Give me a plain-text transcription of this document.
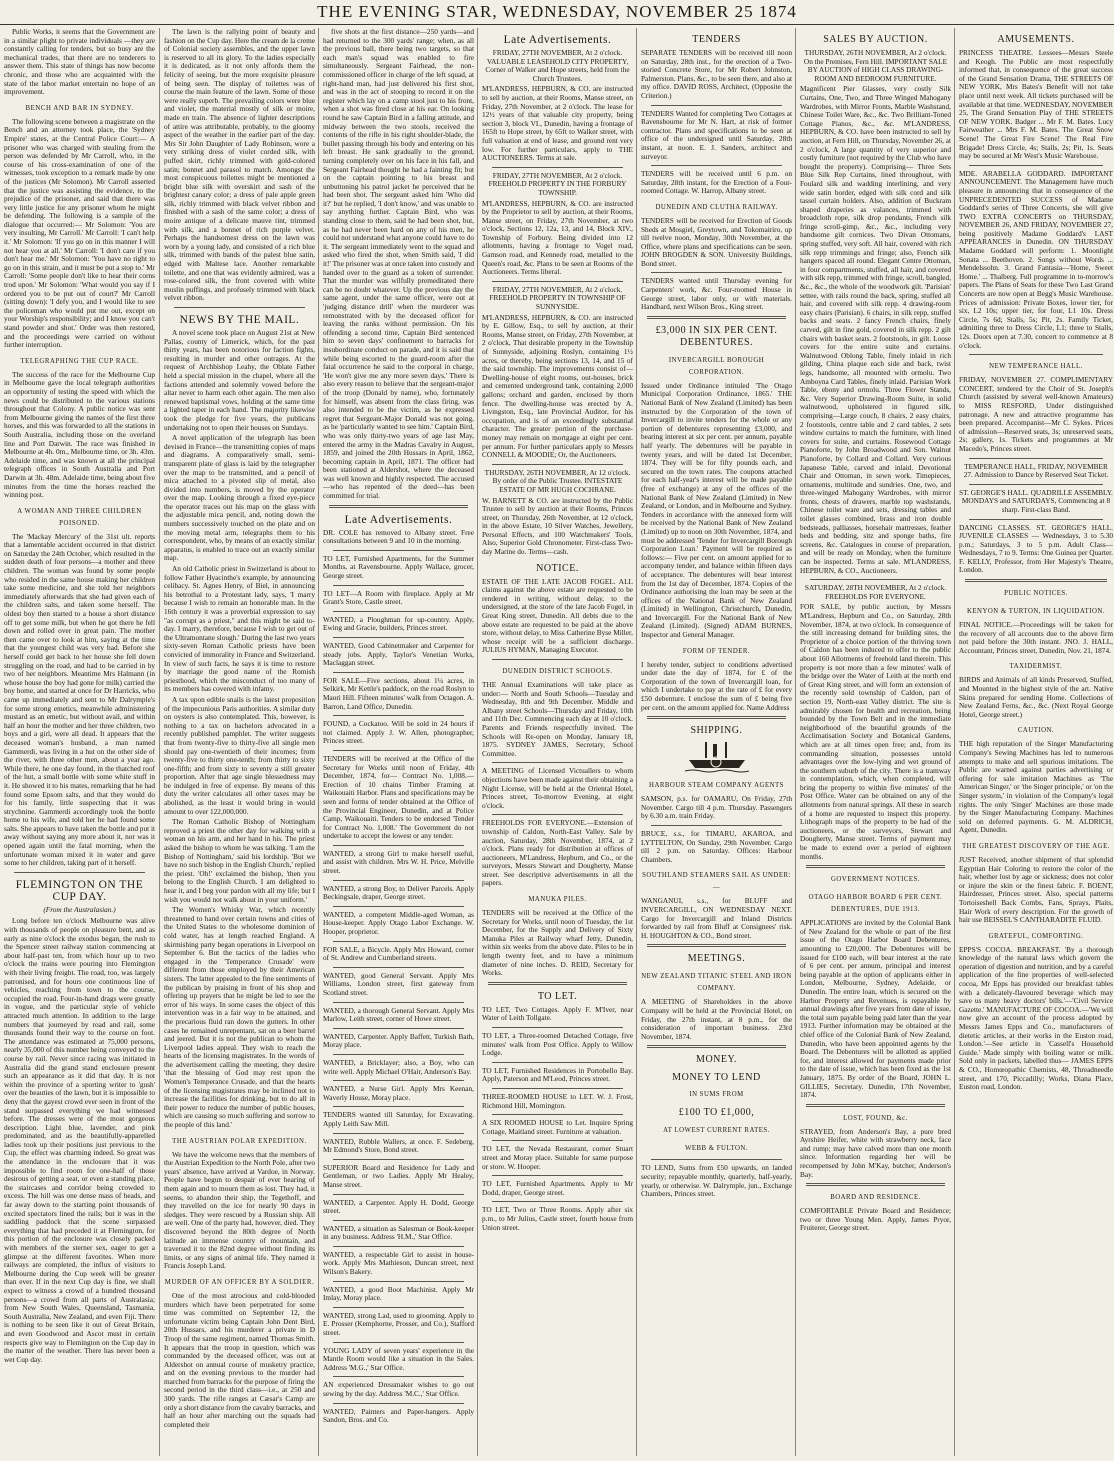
THE EVENING STAR, WEDNESDAY, NOVEMBER 25 1874

Public Works, it seems that the Government are in a similar plight to private individuals —they are constantly calling for tenders, but so busy are the mechanical trades, that there are no tenderers to answer them. This state of things has now become chronic, and those who are acquainted with the state of the labor market entertain no hope of an improvement.

BENCH AND BAR IN SYDNEY.

The following scene between a magistrate on the Bench and an attorney took place, the 'Sydney Empire' states, at the Central Police Court:— A prisoner who was charged with stealing from the person was defended by Mr Carroll, who, in the course of his cross-examination of one of the witnesses, took exception to a remark made by one of the justices (Mr Solomon). Mr Carroll asserted that the justice was assisting the evidence, to the prejudice of the prisoner, and said that there was very little justice for any prisoner whom he might be defending. The following is a sample of the dialogue that occurred:— Mr Solomon: 'You are very insulting, Mr Carroll.' Mr Carroll: 'I can't help it.' Mr Solomon: 'If you go on in this manner I will not hear you at all.' Mr Carroll: 'I don't care if you don't hear me.' Mr Solomon: 'You have no right to go on in this strain, and it must be put a stop to.' Mr Carroll: 'Some people don't like to hear their corns trod upon.' Mr Solomon: 'What would you say if I ordered you to be put out of court?' Mr Carroll (sitting down): 'I defy you, and I would like to see the policeman who would put me out, except on your Worship's responsibility; and I know you can't stand powder and shot.' Order was then restored, and the proceedings were carried on without further interruption.

TELEGRAPHING THE CUP RACE.

The success of the race for the Melbourne Cup in Melbourne gave the local telegraph authorities an opportunity of testing the speed with which the news could be distributed to the various stations throughout that Colony. A public notice was sent from Melbourne giving the names of the first three horses, and this was forwarded to all the stations in South Australia, including those on the overland line and Port Darwin. The race was finished in Melbourne at 4h. 0m., Melbourne time, or 3h. 43m. Adelaide time, and was known at all the principal telegraph offices in South Australia and Port Darwin at 3h. 48m. Adelaide time, being about five minutes from the time the horses reached the winning post.

A WOMAN AND THREE CHILDREN POISONED.

The 'Mackay Mercury' of the 31st ult. reports that a lamentable accident occurred in that district on Saturday the 24th October, which resulted in the sudden death of four persons—a mother and three children. The woman was found by some people who resided in the same house making her children take some medicine, and she told her neighbors immediately afterwards that she had given each of the children salts, and taken some herself. The oldest boy then started to a house a short distance off to get some milk, but when he got there he fell down and rolled over in great pain. The mother then came over to look at him, saying at the time that the youngest child was very bad. Before she herself could get back to her house she fell down struggling on the road, and had to be carried in by two of her neighbors. Meantime Mrs Halmann (in whose house the boy had gone for milk) carried the boy home, and started at once for Dr Harricks, who came up immediately and sent to Mr Dalrymple's for some strong emetics, meanwhile administering mustard as an emetic, but without avail, and within half an hour the mother and her three children, two boys and a girl, were all dead. It appears that the deceased woman's husband, a man named Gammerdi, was living in a hut on the other side of the river, with three other men, about a year ago. While there, he one day found, in the thatched roof of the hut, a small bottle with some white stuff in it. He showed it to his mates, remarking that he had found some Epsom salts, and that they would do for his family, little suspecting that it was strychnine. Gammerdi accordingly took the bottle home to his wife, and told her he had found some salts. She appears to have taken the bottle and put it away without saying any more about it, nor was it opened again until the fatal morning, when the unfortunate woman mixed it in water and gave some to her children, taking part of it herself.

FLEMINGTON ON THE CUP DAY.
(From the Australasian.)

Long before ten o'clock Melbourne was alive with thousands of people on pleasure bent, and as early as nine o'clock the exodus began, the rush to the Spencer street railway station commencing at about half-past ten, from which hour up to two o'clock the trains were pouring into Flemington with their living freight. The road, too, was largely patronised, and for hours one continuous line of vehicles, reaching from town to the course, occupied the road. Four-in-hand drags were greatly in vogue, and the particular style of vehicle attracted much attention. In addition to the large numbers that journeyed by road and rail, some thousands found their way to the course on foot. The attendance was estimated at 75,000 persons, nearly 35,000 of this number being conveyed to the course by rail. Never since racing was initiated in Australia did the grand stand enclosure present such an appearance as it did that day. It is not within the province of a sporting writer to 'gush' over the beauties of the lawn, but it is impossible to deny that the gayest crowd ever seen in front of the stand surpassed everything we had witnessed before. The dresses were of the most gorgeous description. Light blue, lavender, and pink predominated, and as the beautifully-apparelled ladies took up their positions just previous to the Cup, the effect was charming indeed. So great was the attendance in the enclosure that it was impossible to find room for one-half of those desirous of getting a seat, or even a standing place, the staircases and corridor being crowded to excess. The hill was one dense mass of heads, and far away down to the starting point thousands of excited spectators lined the rails; but it was in the saddling paddock that the scene surpassed everything that had preceded it at Flemington, for this portion of the enclosure was closely packed with members of the sterner sex, eager to get a glimpse at the different favorites. When more railways are completed, the influx of visitors to Melbourne during the Cup week will be greater than ever. If in the next Cup day is fine, we shall expect to witness a crowd of a hundred thousand persons—a crowd from all parts of Australasia; from New South Wales, Queensland, Tasmania, South Australia, New Zealand, and even Fiji. There is nothing to be seen like it out of Great Britain, and even Goodwood and Ascot must in certain respects give way to Flemington on the Cup day in the matter of the weather. There has never been a wet Cup day.

The lawn is the rallying point of beauty and fashion on the Cup day. Here the cream de la creme of Colonial society assembles, and the upper lawn is reserved to all its glory. To the ladies especially it is dedicated, as it not only affords them the felicity of seeing, but the more exquisite pleasure of being seen. The display of toilettes was of course the main feature of the lawn. Some of those were really superb. The prevailing colors were blue and violet, the material mostly of silk or moire, made en train. The absence of lighter descriptions of attire was attributable, probably, to the gloomy aspect of the weather in the earlier part of the day. Mrs Sir John Daughter of Lady Robinson, wore a very striking dress of violet corded silk, with puffed skirt, richly trimmed with gold-colored satin; bonnet and parasol to match. Amongst the most conspicuous toilettes might be mentioned a bright blue silk with overskirt and sash of the brightest canary color; a dress of pale apple green silk, richly trimmed with black velvet ribbon and finished with a sash of the same color; a dress of moire antique of a delicate mauve tint, trimmed with silk, and a bonnet of rich purple velvet. Perhaps the handsomest dress on the lawn was worn by a young lady, and consisted of a rich blue silk, trimmed with bands of the palest blue satin, edged with Maltese lace. Another remarkable toilette, and one that was evidently admired, was a rose-colored silk, the front covered with white muslin puffings, and profusely trimmed with black velvet ribbon.

NEWS BY THE MAIL.

A novel scene took place on August 21st at New Pallas, county of Limerick, which, for the past thirty years, has been notorious for faction fights, resulting in murder and other outrages. At the request of Archbishop Leahy, the Oblate Father held a special mission in the chapel, where all the factions attended and solemnly vowed before the altar never to harm each other again. The men also renewed baptismal vows, holding at the same time a lighted taper in each hand. The majority likewise took the pledge for five years, the publicans undertaking not to open their houses on Sundays.

A novel application of the telegraph has been devised in France—the transmitting copies of maps and diagrams. A comparatively small, semi-transparent plate of glass is laid by the telegrapher over the map to be transmitted, and a pencil of mica attached to a pivoted slip of metal, also divided into numbers, is moved by the operator over the map. Looking through a fixed eye-piece the operator traces out his map on the glass with the adjustable mica pencil, and, noting down the numbers successively touched on the plate and on the moving metal arm, telegraphs them to his correspondent, who, by means of an exactly similar apparatus, is enabled to trace out an exactly similar map.

An old Catholic priest in Switzerland is about to follow Father Hyacinthe's example, by announcing celibacy. St. Agnes Henry, of Biel, in announcing his betrothal to a Protestant lady, says, 'I marry because I wish to remain an honorable man. In the 16th century it was a proverbial expression to say "as corrupt as a priest," and this might be said to-day. I marry, therefore, because I wish to get out of the Ultramontane slough.' During the last two years sixty-seven Roman Catholic priests have been convicted of immorality in France and Switzerland. In view of such facts, he says it is time to restore by marriage the good name of the Romish priesthood, which the misconduct of too many of its members has covered with infamy.

A tax upon edible snails is the latest proposition of the impecunious Paris authorities. A similar duty on oysters is also contemplated. This, however, is nothing to a tax on bachelors advocated in a recently published pamphlet. The writer suggests that from twenty-five to thirty-five all single men should pay one-twentieth of their incomes; from twenty-five to thirty one-tenth; from thirty to sixty one-fifth; and from sixty to seventy a still greater proportion. After that age single blessedness may be indulged in free of expense. By means of this duty the writer calculates all other taxes may be abolished, as the least it would bring in would amount to over 122,000,000.

The Roman Catholic Bishop of Nottingham reproved a priest the other day for walking with a woman on his arm, and her hand in his. The priest asked the bishop to whom he was talking. 'I am the Bishop of Nottingham,' said his lordship. 'But we have no such bishop in the English Church,' replied the priest. 'Oh!' exclaimed the bishop, 'then you belong to the English Church. I am delighted to hear it, and I beg your pardon with all my life; but I wish you would not walk about in your uniform.'

The Women's Whisky War, which recently threatened to hand over certain towns and cities of the United States to the wholesome dominion of cold water, has at length reached England. A skirmishing party began operations in Liverpool on September 6. But the tactics of the ladies who engaged in the 'Temperance Crusade' were different from those employed by their American sisters. The latter appealed to the fine sentiments of the publican by praising in front of his shop and offering up prayers that he might be led to see the error of his ways. In some cases the object of this intervention was in a fair way to be attained, and the precarious fluid ran down the gutters. In other cases he remained unrepentant, sat on a beer barrel and jeered. But it is not the publican to whom the Liverpool ladies appeal. They wish to reach the hearts of the licensing magistrates. In the words of the advertisement calling the meeting, they desire 'that the blessing of God may rest upon the Women's Temperance Crusade, and that the hearts of the licensing magistrates may be inclined not to increase the facilities for drinking, but to do all in their power to reduce the number of public houses, which are causing so much suffering and sorrow to the people of this land.'

THE AUSTRIAN POLAR EXPEDITION.

We have the welcome news that the members of the Austrian Expedition to the North Pole, after two years' absence, have arrived at Vardoe, in Norway. People have begun to despair of ever hearing of them again and to mourn them as lost. They had, it seems, to abandon their ship, the Tegethoff, and they travelled on the ice for nearly 90 days in sledges. They were rescued by a Russian ship. All are well. One of the party had, however, died. They discovered beyond the 80th degree of North latitude an immense country of mountain, and traversed it to the 82nd degree without finding its limits, or any signs of animal life. They named it Francis Joseph Land.

MURDER OF AN OFFICER BY A SOLDIER.

One of the most atrocious and cold-blooded murders which have been perpetrated for some time was committed on September 12, the unfortunate victim being Captain John Dent Bird, 20th Hussars, and his murderer a private in D Troop of the same regiment, named Thomas Smith. It appears that the troop in question, which was commanded by the deceased officer, was out at Aldershot on annual course of musketry practice, and on the evening previous to the murder had marched from barracks for the purpose of firing the second period in the third class—i.e., at 250 and 300 yards. The rifle ranges at Cæsar's Camp are only a short distance from the cavalry barracks, and half an hour after marching out the squads had completed their

five shots at the first distance—250 yards—and had returned to the 300 yards' range; when, as all the previous ball, there being two targets, so that each man's squad was enabled to fire simultaneously. Sergeant Fairhead, the non-commissioned officer in charge of the left squad, at right-hand man, had just delivered his first shot, and was in the act of stooping to record it on the register which lay on a camp stool just to his front, when a shot was fired close at his ear. On looking round he saw Captain Bird in a falling attitude, and midway between the two stools, received the contents of the rifle in his right shoulder-blade, the bullet passing through his body and entering on his left breast. He sank gradually to the ground, turning completely over on his face in his fall, and Sergeant Fairhead thought he had a fainting fit; but on the captain pointing to his breast and unbuttoning his patrol jacket he perceived that he had been shot. The sergeant asked him 'Who did it?' but he replied, 'I don't know,' and was unable to say anything further. Captain Bird, who was standing close to them, said he had been shot, but, as he had never been hard on any of his men, he could not understand what anyone could have to do it. The sergeant immediately went to the squad and asked who fired the shot, when Smith said, 'I did it!' The prisoner was at once taken into custody and handed over to the guard as a token of surrender. That the murder was wilfully premeditated there can be no doubt whatever. Up the previous day the same agent, under the same officer, were out at 'judging distance drill' when the murderer was remonstrated with by the deceased officer for leaving the ranks without permission. On his offending a second time, Captain Bird sentenced him to seven days' confinement to barracks for insubordinate conduct on parade, and it is said that while being escorted to the guard-room after the fatal occurrence he said to the corporal in charge, 'He won't give me any more seven days.' There is also every reason to believe that the sergeant-major of the troop (Donald by name), who, fortunately for himself, was absent from the class firing, was also intended to be the victim, as he expressed regret that Sergeant-Major Donald was not going, as he 'particularly wanted to see him.' Captain Bird, who was only thirty-two years of age last May, entered the army in the Madras Cavalry in August, 1859, and joined the 20th Hussars in April, 1862, becoming captain in April, 1871. The officer had been stationed at Aldershot, where the deceased was well known and highly respected. The accused—who has repented of the deed—has been committed for trial.

Late Advertisements.

DR. COLE has removed to Albany street. Free consultations between 9 and 10 in the morning.

TO LET, Furnished Apartments, for the Summer Months, at Ravensbourne. Apply Wallace, grocer, George street.

TO LET—A Room with fireplace. Apply at Mr Grant's Store, Castle street.

WANTED, a Ploughman for up-country. Apply, Ewing and Gracie, builders, Princes street.

WANTED, Good Cabinetmaker and Carpenter for steady jobs. Apply, Taylor's Venetian Works, Maclaggan street.

FOR SALE—Five sections, about 1¼ acres, in Selkirk, Mr Kettle's paddock, on the road Roslyn to Maori Hill. Fifteen minutes' walk from Octagon. A. Barron, Land Office, Dunedin.

FOUND, a Cockatoo. Will be sold in 24 hours if not claimed. Apply J. W. Allen, photographer, Princes street.

TENDERS will be received at the Office of the Secretary for Works until noon of Friday, 4th December, 1874, for— Contract No. 1,008.—Erection of 10 chains Timber Framing at Waikouaiti Harbor. Plans and specifications may be seen and forms of tender obtained at the Office of the Provincial Engineer, Dunedin, and at Police Camp, Waikouaiti. Tenders to be endorsed 'Tender for Contract No. 1,008.' The Government do not undertake to accept the lowest or any tender.

WANTED, a strong Girl to make herself useful, and assist with children. Mrs W. H. Price, Melville street.

WANTED, a strong Boy, to Deliver Parcels. Apply Beckingsale, draper, George street.

WANTED, a competent Middle-aged Woman, as House-keeper. Apply Otago Labor Exchange. W. Hooper, proprietor.

FOR SALE, a Bicycle. Apply Mrs Howard, corner of St. Andrew and Cumberland streets.

WANTED, good General Servant. Apply Mrs Williams, London street, first gateway from Scotland street.

WANTED, a thorough General Servant. Apply Mrs Marlow, Leith street, corner of Howe street.

WANTED, Carpenter. Apply Baffett, Turkish Bath, Moray place.

WANTED, a Bricklayer; also, a Boy, who can write well. Apply Michael O'Hair, Anderson's Bay.

WANTED, a Nurse Girl. Apply Mrs Keenan, Waverly House, Moray place.

TENDERS wanted till Saturday, for Excavating. Apply Leith Saw Mill.

WANTED, Rubble Wallers, at once. F. Sedeberg, Mr Edmond's Store, Bond street.

SUPERIOR Board and Residence for Lady and Gentleman, or two Ladies. Apply Mr Healey, Manse street.

WANTED, a Carpenter. Apply H. Dodd, George street.

WANTED, a situation as Salesman or Book-keeper in any business. Address 'H.M.,' Star Office.

WANTED, a respectable Girl to assist in house-work. Apply Mrs Mathieson, Duncan street, next Wilson's Bakery.

WANTED, a good Boot Machinist. Apply Mr Imlay, Moray place.

WANTED, strong Lad, used to grooming. Apply to E. Prosser (Kemphorne, Prosser, and Co.), Stafford street.

YOUNG LADY of seven years' experience in the Mantle Room would like a situation in the Sales. Address 'M.G.,' Star Office.

AN experienced Dressmaker wishes to go out sewing by the day. Address 'M.C.,' Star Office.

WANTED, Painters and Paper-hangers. Apply Sandon, Bros. and Co.

Late Advertisements.

FRIDAY, 27TH NOVEMBER, At 2 o'clock. VALUABLE LEASEHOLD CITY PROPERTY, Corner of Walker and Hope streets, held from the Church Trustees.

M'LANDRESS, HEPBURN, & CO. are instructed to sell by auction, at their Rooms, Manse street, on Friday, 27th November, at 2 o'clock. The lease for 12½ years of that valuable city property, being section 3, block VI., Dunedin, having a frontage of 165ft to Hope street, by 65ft to Walker street, with full valuation at end of lease, and ground rent very low. For further particulars, apply to THE AUCTIONEERS. Terms at sale.

FRIDAY, 27TH NOVEMBER, At 2 o'clock. FREEHOLD PROPERTY IN THE FORBURY TOWNSHIP.

M'LANDRESS, HEPBURN, & CO. are instructed by the Proprietor to sell by auction, at their Rooms, Manse street, on Friday, 27th November, at two o'clock, Sections 12, 12a, 13, and 14, Block XIV., Township of Forbury. Being divided into 12 allotments, having a frontage to Vogel road, Gamson road, and Kennedy road, metalled to the Queen's road, &c. Plans to be seen at Rooms of the Auctioneers. Terms liberal.

FRIDAY, 27TH NOVEMBER, At 2 o'clock. FREEHOLD PROPERTY IN TOWNSHIP OF SUNNYSIDE.

M'LANDRESS, HEPBURN, & CO. are instructed by E. Gillow, Esq., to sell by auction, at their Rooms, Manse street, on Friday, 27th November, at 2 o'clock, That desirable property in the Township of Sunnyside, adjoining Roslyn, containing 1½ acres, or thereby, being sections 13, 14, and 15 of the said township. The improvements consist of—Dwelling-house of eight rooms, out-houses, brick and cemented underground tank, containing 2,000 gallons; orchard and garden, enclosed by thorn fence. The dwelling-house was erected by A. Livingston, Esq., late Provincial Auditor, for his occupation, and is of an exceedingly substantial character. The greater portion of the purchase-money may remain on mortgage at eight per cent. per annum. For further particulars apply to Messrs CONNELL & MOODIE; Or, the Auctioneers.

THURSDAY, 26TH NOVEMBER, At 12 o'clock. By order of the Public Trustee. INTESTATE ESTATE OF MR HUGH COCHRANE.

W. BARNETT & CO. are instructed by the Public Trustee to sell by auction at their Rooms, Princes street, on Thursday, 26th November, at 12 o'clock, in the above Estate, 10 Silver Watches, Jewellery, Personal Effects, and 100 Watchmakers' Tools. Also, Superior Gold Chronometer. First-class Two-day Marine do. Terms—cash.

NOTICE.

ESTATE OF THE LATE JACOB FOGEL. ALL claims against the above estate are requested to be rendered in writing, without delay, to the undersigned, at the store of the late Jacob Fogel, in Great King street, Dunedin. All debts due to the above estate are requested to be paid at the above store, without delay, to Miss Catherine Byse Miller, whose receipt will be a sufficient discharge. JULIUS HYMAN, Managing Executor.

DUNEDIN DISTRICT SCHOOLS.

THE Annual Examinations will take place as under:— North and South Schools—Tuesday and Wednesday, 8th and 9th December. Middle and Albany street Schools—Thursday and Friday, 10th and 11th Dec. Commencing each day at 10 o'clock. Parents and Friends respectfully invited. The Schools will Re-open on Monday, January 18, 1875. SYDNEY JAMES, Secretary, School Committee.

A MEETING of Licensed Victuallers to whom objections have been made against their obtaining a Night License, will be held at the Oriental Hotel, Princes street, To-morrow Evening, at eight o'clock.

FREEHOLDS FOR EVERYONE.—Extension of township of Caldon, North-East Valley. Sale by auction, Saturday, 28th November, 1874, at 2 o'clock. Plans ready for distribution at offices of auctioneers, M'Landress, Hepburn, and Co., or the surveyors, Messrs Stewart and Dougherty, Manse street. See descriptive advertisements in all the papers.

MANUKA PILES.

TENDERS will be received at the Office of the Secretary for Works, until noon of Tuesday, the 1st December, for the Supply and Delivery of Sixty Manuka Piles at Railway wharf Jetty, Dunedin, within six weeks from the above date. Piles to be in length twenty feet, and to have a minimum diameter of nine inches. D. REID, Secretary for Works.

TO LET.

TO LET, Two Cottages. Apply F. M'Iver, near Water of Leith Tollgate.

TO LET, a Three-roomed Detached Cottage, five minutes' walk from Post Office. Apply to Willow Lodge.

TO LET, Furnished Residences in Portobello Bay. Apply, Paterson and M'Leod, Princes street.

THREE-ROOMED HOUSE to LET. W. J. Frost, Richmond Hill, Mornington.

A SIX ROOMED HOUSE to Let. Inquire Spring Cottage, Maitland street. Furniture at valuation.

TO LET, the Nevada Restaurant, corner Stuart street and Moray place. Suitable for same purpose or store. W. Hooper.

TO LET, Furnished Apartments. Apply to Mr Dodd, draper, George street.

TO LET, Two or Three Rooms. Apply after six p.m., to Mr Julius, Castle street, fourth house from Union street.

TENDERS

SEPARATE TENDERS will be received till noon on Saturday, 28th inst., for the erection of a Two-storied Concrete Store, for Mr Robert Johnston, Palmerston. Plans, &c., to be seen there, and also at my office. DAVID ROSS, Architect, (Opposite the Criterion.)

TENDERS Wanted for completing Two Cottages at Ravensbourne for Mr N. Hart, at risk of former contractor. Plans and specifications to be seen at office of the undersigned until Saturday, 28th instant, at noon. E. J. Sanders, architect and surveyor.

TENDERS will be received until 6 p.m. on Saturday, 28th instant, for the Erection of a Four-roomed Cottage. W. Harrop, Albany street.

DUNEDIN AND CLUTHA RAILWAY.

TENDERS will be received for Erection of Goods Sheds at Mosgiel, Greytown, and Tokomairiro, up till twelve noon, Monday, 30th November, at the Office, where plans and specifications can be seen. JOHN BROGDEN & SON. University Buildings, Bond street.

TENDERS wanted until Thursday evening for Carpenters' work, &c. Four-roomed House in George street, labor only, or with materials. Handbard, next Wilson Bros., King street.

£3,000 IN SIX PER CENT. DEBENTURES.
INVERCARGILL BOROUGH CORPORATION.

Issued under Ordinance intituled 'The Otago Municipal Corporation Ordinance, 1865.' THE National Bank of New Zealand (Limited) has been instructed by the Corporation of the town of Invercargill to invite tenders for the whole or any portion of debentures representing £3,000, and bearing interest at six per cent. per annum, payable half yearly. The debentures will be payable in twenty years, and will be dated 1st December, 1874. They will be for fifty pounds each, and secured on the town rates. The coupons attached for each half-year's interest will be made payable (free of exchange) at any of the offices of the National Bank of New Zealand (Limited) in New Zealand, or London, and in Melbourne and Sydney. Tenders in accordance with the annexed form will be received by the National Bank of New Zealand (Limited) up to noon on 30th November, 1874, and must be addressed 'Tender for Invercargill Borough Corporation Loan.' Payment will be required as follows:— Five per cent. on amount applied for to accompany tender, and balance within fifteen days of acceptance. The debentures will bear interest from the 1st day of December, 1874. Copies of the Ordinance authorising the loan may be seen at the offices of the National Bank of New Zealand (Limited) in Wellington, Christchurch, Dunedin, and Invercargill. For the National Bank of New Zealand (Limited). (Signed) ADAM BURNES, Inspector and General Manager.

FORM OF TENDER.

I hereby tender, subject to conditions advertised under date the day of 1874, for £ of the Corporation of the town of Invercargill loan, for which I undertake to pay at the rate of £ for every £50 debenture. I enclose the sum of £ being five per cent. on the amount applied for. Name Address

SHIPPING.
HARBOUR STEAM COMPANY AGENTS

SAMSON, p.s. for OAMARU, On Friday, 27th November. Cargo till 4 p.m. Thursday. Passengers by 6.30 a.m. train Friday.

BRUCE, s.s., for TIMARU, AKAROA, and LYTTELTON, On Sunday, 29th November. Cargo till 2 p.m. on Saturday. Offices: Harbour Chambers.

SOUTHLAND STEAMERS SAIL AS UNDER:—

WANGANUI, s.s., for BLUFF and INVERCARGILL, ON WEDNESDAY NEXT. Cargo for Invercargill and Inland Districts forwarded by rail from Bluff at Consignees' risk. H. HOUGHTON & CO., Bond street.

MEETINGS.
NEW ZEALAND TITANIC STEEL AND IRON COMPANY.

A MEETING of Shareholders in the above Company will be held at the Provincial Hotel, on Friday, the 27th instant, at 8 p.m., for the consideration of important business. 23rd November, 1874.

MONEY.
MONEY TO LEND
IN SUMS FROM
£100 TO £1,000,
AT LOWEST CURRENT RATES.
WEBB & FULTON.

TO LEND, Sums from £50 upwards, on landed security; repayable monthly, quarterly, half-yearly, yearly, or otherwise. W. Dalrymple, jun., Exchange Chambers, Princes street.

SALES BY AUCTION.

THURSDAY, 26TH NOVEMBER, At 2 o'clock. On the Premises, Fern Hill. IMPORTANT SALE BY AUCTION of HIGH CLASS DRAWING-ROOM AND BEDROOM FURNITURE.

Magnificent Pier Glasses, very costly Silk Curtains, One, Two, and Three Winged Mahogany Wardrobes, with Mirror Fronts, Marble Washstand, Chinese Toilet Ware, &c., &c. Two Brilliant-Toned Cottage Pianos, &c., &c. M'LANDRESS, HEPBURN, & CO. have been instructed to sell by auction, at Fern Hill, on Thursday, November 26, at 2 o'clock, A large quantity of very superior and costly furniture (not required by the Club who have bought the property). Comprising— Three Sets Blue Silk Rep Curtains, lined throughout, with Foulard silk and wadding interlining, and very wide satin border, edged with silk cord and silk tassel curtain holders. Also, addition of Buckram shaped draperies as valances, trimmed with broadcloth rope, silk drop pendants, French silk fringe scroll-gimp, &c., &c., including very handsome gilt cornices. Two Divan Ottomans, spring stuffed, very soft. All hair, covered with rich silk repp trimmings and fringe; also, French silk hangers spaced all round. Elegant Centre Ottoman, in four compartments, stuffed, all hair, and covered with silk repp, trimmed with fringe, scroll, bangled, &c., &c., the whole of the woodwork gilt. 'Parisian' settee, with rails round the back, spring, stuffed all hair, and covered with silk repp. 4 drawing-room easy chairs (Parisian). 6 chairs, in silk repp, stuffed backs and seats. 2 fancy French chairs, finely carved, gilt in fine gold, covered in silk repp. 2 gilt chairs with basket seats. 2 footstools, in gilt. Loose covers for the entire suite and curtains. Walnutwood Oblong Table, finely inlaid in rich gilding, China plaque each side and back, twist legs, handsome, all mounted with ormolu. Two Amboyna Card Tables, finely inlaid. Parisian Work Table, ebony and ormolu. Three Flower Stands, &c. Very Superior Drawing-Room Suite, in solid walnutwood, upholstered in figured silk, comprising—Large couch, 8 chairs, 2 easy chairs, 2 footstools, centre table and 2 card tables, 2 sets window curtains to match the furniture, with lined covers for suite, and curtains. Rosewood Cottage Pianoforte, by John Broadwood and Son. Walnut Pianoforte, by Collard and Collard. Very curious Japanese Table, carved and inlaid. Devotional Chair and Ottoman, in sewn work. Timepieces, ornaments, multitude and sundries. One, two, and three-winged Mahogany Wardrobes, with mirror fronts, chests of drawers, marble top washstands, Chinese toilet ware and sets, dressing tables and toilet glasses combined, brass and iron double bedsteads, palliasses, horsehair mattresses, feather beds and bedding, sitz and sponge baths, fire screens, &c. Catalogues in course of preparation, and will be ready on Monday, when the furniture can be inspected. Terms at sale. M'LANDRESS, HEPBURN, & CO., Auctioneers.

SATURDAY, 28TH NOVEMBER, At 2 o'clock. FREEHOLDS FOR EVERYONE.

FOR SALE, by public auction, by Messrs M'Landress, Hepburn and Co., on Saturday, 28th November, 1874, at two o'clock. In consequence of the still increasing demand for building sites, the Proprietor of a choice portion of the thriving town of Caldon has been induced to offer to the public about 160 Allotments of freehold land therein. This property is not more than a few minutes' walk of the bridge over the Water of Leith at the north end of Great King street, and will form an extension of the recently sold township of Caldon, part of section 19, North-east Valley district. The site is admirably chosen for health and recreation, being bounded by the Town Belt and in the immediate neighborhood of the beautiful grounds of the Acclimatisation Society and Botanical Gardens, which are at all times open free; and, from its commanding situation, possesses untold advantages over the low-lying and wet ground of the southern suburb of the city. There is a tramway in contemplation, which, when completed, will bring the property to within five minutes' of the Post Office. Water can be obtained on any of the allotments from natural springs. All these in search of a home are requested to inspect this property. Lithograph maps of the property to be had of the auctioneers, or the surveyors, Stewart and Dougherty, Manse street. Terms of payment may be made to extend over a period of eighteen months.

GOVERNMENT NOTICES.
OTAGO HARBOR BOARD 6 PER CENT. DEBENTURES, DUE 1913.

APPLICATIONS are invited by the Colonial Bank of New Zealand for the whole or part of the first issue of the Otago Harbor Board Debentures, amounting to £20,000. The Debentures will be issued for £100 each, will bear interest at the rate of 6 per cent. per annum, principal and interest being payable at the option of applicants either in London, Melbourne, Sydney, Adelaide, or Dunedin. The entire loan, which is secured on the Harbor Property and Revenues, is repayable by annual drawings after five years from date of issue, the total sum payable being paid later than the year 1913. Further information may be obtained at the chief office of the Colonial Bank of New Zealand, Dunedin, who have been appointed agents by the Board. The Debentures will be allotted as applied for, and interest allowed for payments made prior to the date of issue, which has been fixed as the 1st January, 1875. By order of the Board, JOHN L. GILLIES, Secretary. Dunedin, 17th November, 1874.

LOST, FOUND, &c.

STRAYED, from Anderson's Bay, a pure bred Ayrshire Heifer, white with strawberry neck, face and rump; may have calved more than one month since. Information regarding her will be recompensed by John M'Kay, butcher, Anderson's Bay.

BOARD AND RESIDENCE.

COMFORTABLE Private Board and Residence; two or three Young Men. Apply, James Pryor, Fruiterer, George street.

AMUSEMENTS.

PRINCESS THEATRE. Lessees—Messrs Steele and Keogh. The Public are most respectfully informed that, in consequence of the great success of the Grand Sensation Drama, THE STREETS OF NEW YORK, Mrs Bates's Benefit will not take place until next week. All tickets purchased will be available at that time. WEDNESDAY, NOVEMBER 25, The Grand Sensation Play of THE STREETS OF NEW YORK. Badger ... Mr F. M. Bates. Lucy Fairweather ... Mrs F. M. Bates. The Great Snow Scene! The Great Fire Scene! The Real Fire Brigade! Dress Circle, 4s; Stalls, 2s; Pit, 1s. Seats may be secured at Mr West's Music Warehouse.

MDE. ARABELLA GODDARD. IMPORTANT ANNOUNCEMENT. The Management have much pleasure in announcing that in consequence of the UNPRECEDENTED SUCCESS of Madame Goddard's series of Three Concerts, she will give TWO EXTRA CONCERTS on THURSDAY, NOVEMBER 26, AND FRIDAY, NOVEMBER 27, being positively Madame Goddard's LAST APPEARANCES in Dunedin. ON THURSDAY Madame Goddard will perform: 1. Moonlight Sonata ... Beethoven. 2. Songs without Words ... Mendelssohn. 3. Grand Fantasia—'Home, Sweet Home.' ... Thalberg. Full programme in to-morrow's papers. The Plans of Seats for these Two Last Grand Concerts are now open at Begg's Music Warehouse. Prices of admission: Private Boxes, lower tier, for six, L2 10s; upper tier, for four, L1 10s. Dress Circle, 7s 6d; Stalls, 5s; Pit, 2s. Family Ticket, admitting three to Dress Circle, L1; three to Stalls, 12s. Doors open at 7.30, concert to commence at 8 o'clock.

NEW TEMPERANCE HALL.

FRIDAY, NOVEMBER 27. COMPLIMENTARY CONCERT, tendered by the Choir of St. Joseph's Church (assisted by several well-known Amateurs) to MISS RESFORD, Under distinguished patronage. A new and attractive programme has been prepared. Accompanist—Mr C. Sykes. Prices of admission—Reserved seats, 3s; unreserved seats, 2s; gallery, 1s. Tickets and programmes at Mr Macedo's, Princes street.

TEMPERANCE HALL, FRIDAY, NOVEMBER 27. Admission to Dance by Reserved Seat Ticket.

ST. GEORGE'S HALL. QUADRILLE ASSEMBLY. MONDAYS and SATURDAYS, Commencing at 8 sharp. First-class Band.

DANCING CLASSES. ST. GEORGE'S HALL. JUVENILE CLASSES — Wednesdays, 3 to 5.30 p.m.; Saturdays, 3 to 5 p.m. Adult Class—Wednesdays, 7 to 9. Terms: One Guinea per Quarter. F. KELLY, Professor, from Her Majesty's Theatre, London.

PUBLIC NOTICES.
KENYON & TURTON, IN LIQUIDATION.

FINAL NOTICE.—Proceedings will be taken for the recovery of all accounts due to the above firm not paid before the 30th instant. JNO. J. HALL, Accountant, Princes street, Dunedin, Nov. 21, 1874.

TAXIDERMIST.

BIRDS and Animals of all kinds Preserved, Stuffed, and Mounted in the highest style of the art. Native Skins prepared for sending Home. Collections of New Zealand Ferns, &c., &c. (Next Royal George Hotel, George street.)

CAUTION.

THE high reputation of the Singer Manufacturing Company's Sewing Machines has led to numerous attempts to make and sell spurious imitations. The Public are warned against parties advertising or offering for sale imitation Machines as 'The American Singer,' or 'the Singer principle,' or 'on the Singer system,' in violation of the Company's legal rights. The only 'Singer' Machines are those made by the Singer Manufacturing Company. Machines sold on deferred payments. G. M. ALDRICH, Agent, Dunedin.

THE GREATEST DISCOVERY OF THE AGE.

JUST Received, another shipment of that splendid Egyptian Hair Coloring to restore the color of the hair, whether lost by age or sickness; does not color or injure the skin or the finest fabric. F. BOENT, Hairdresser, Princes street. Also, special patterns Tortoiseshell Back Combs, Fans, Sprays, Plaits, Hair Work of every description. For the growth of hair use BEISSEL'S CANTHARADITE FLUID.

GRATEFUL, COMFORTING.

EPPS'S COCOA. BREAKFAST. 'By a thorough knowledge of the natural laws which govern the operation of digestion and nutrition, and by a careful application of the fine properties of well-selected cocoa, Mr Epps has provided our breakfast tables with a delicately-flavoured beverage which may save us many heavy doctors' bills.'—'Civil Service Gazette.' MANUFACTURE OF COCOA.—'We will now give an account of the process adopted by Messrs James Epps and Co., manufacturers of dietetic articles, at their works in the Euston road, London.'—See article in 'Cassell's Household Guide.' Made simply with boiling water or milk. Sold only in packets, labelled thus— JAMES EPPS & CO., Homœopathic Chemists, 48, Threadneedle street, and 170, Piccadilly; Works, Diana Place, Euston road, London.
